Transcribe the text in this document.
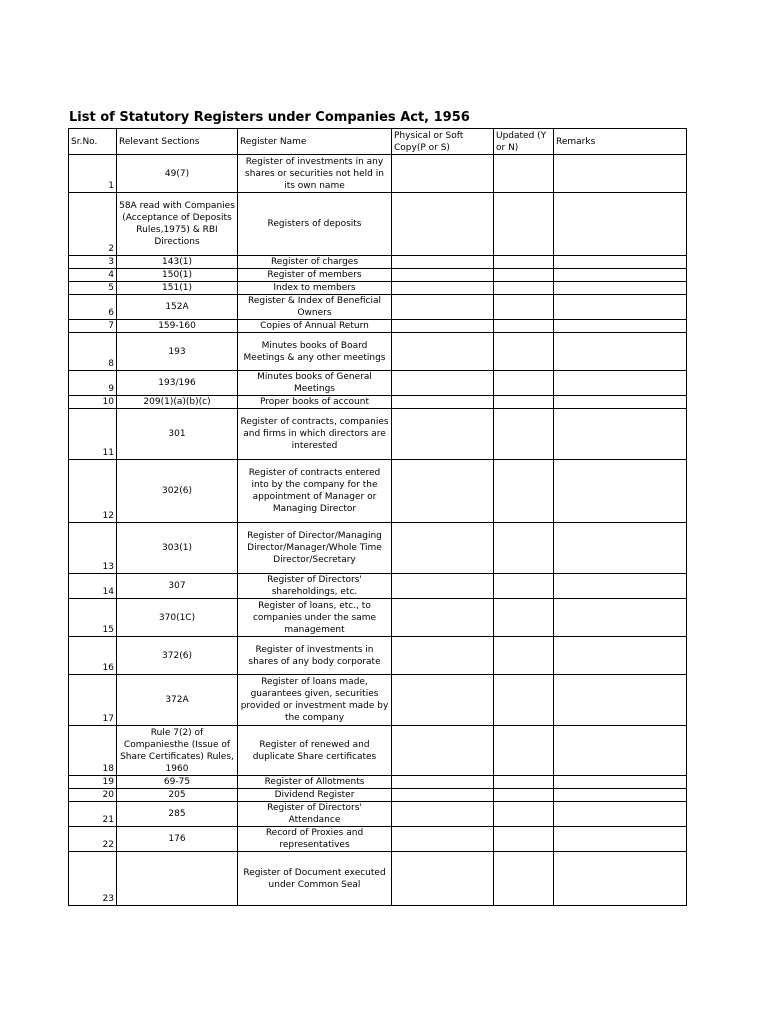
List of Statutory Registers under Companies Act, 1956
Sr.No.	Relevant Sections	Register Name	Physical or Soft Copy(P or S)	Updated (Y or N)	Remarks
1	49(7)	Register of investments in any shares or securities not held in its own name			
2	58A read with Companies (Acceptance of Deposits Rules,1975) & RBI Directions	Registers of deposits			
3	143(1)	Register of charges			
4	150(1)	Register of members			
5	151(1)	Index to members			
6	152A	Register & Index of Beneficial Owners			
7	159-160	Copies of Annual Return			
8	193	Minutes books of Board Meetings & any other meetings			
9	193/196	Minutes books of General Meetings			
10	209(1)(a)(b)(c)	Proper books of account			
11	301	Register of contracts, companies and firms in which directors are interested			
12	302(6)	Register of contracts entered into by the company for the appointment of Manager or Managing Director			
13	303(1)	Register of Director/Managing Director/Manager/Whole Time Director/Secretary			
14	307	Register of Directors' shareholdings, etc.			
15	370(1C)	Register of loans, etc., to companies under the same management			
16	372(6)	Register of investments in shares of any body corporate			
17	372A	Register of loans made, guarantees given, securities provided or investment made by the company			
18	Rule 7(2) of Companiesthe (Issue of Share Certificates) Rules, 1960	Register of renewed and duplicate Share certificates			
19	69-75	Register of Allotments			
20	205	Dividend Register			
21	285	Register of Directors' Attendance			
22	176	Record of Proxies and representatives			
23		Register of Document executed under Common Seal			
